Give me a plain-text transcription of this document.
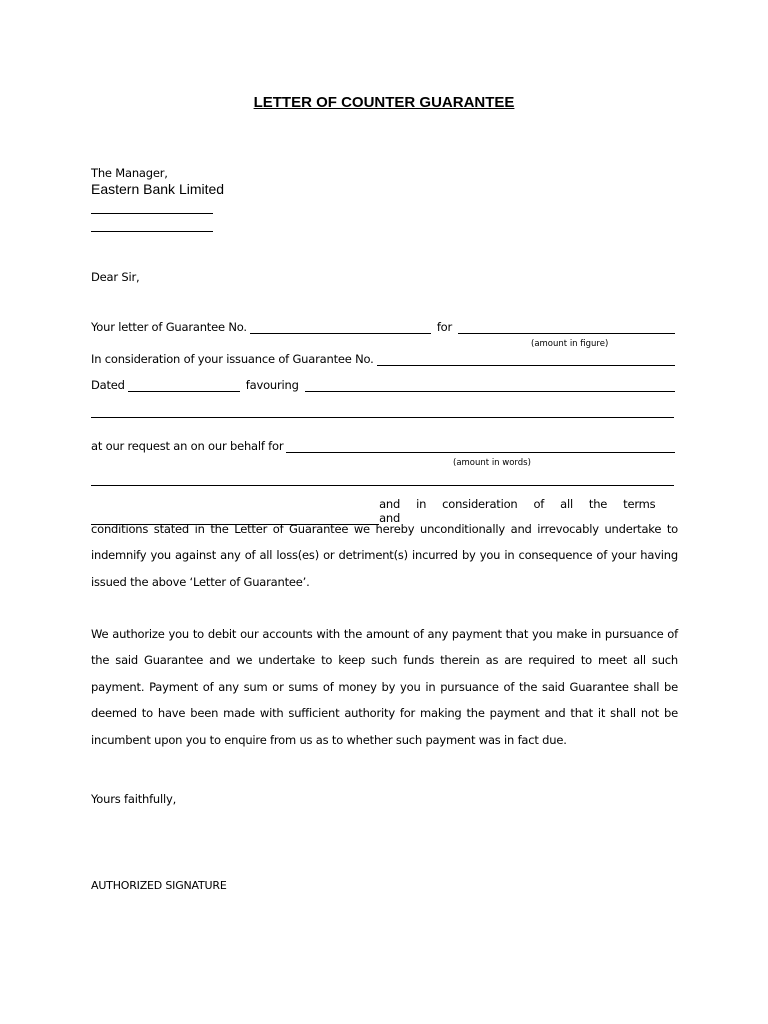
LETTER OF COUNTER GUARANTEE
The Manager,
Eastern Bank Limited
Dear Sir,
Your letter of Guarantee No.	for
(amount in figure)
In consideration of your issuance of Guarantee No.
Dated	favouring
at our request an on our behalf for
(amount in words)
and in consideration of all the terms and
conditions stated in the Letter of Guarantee we hereby unconditionally and irrevocably undertake to indemnify you against any of all loss(es) or detriment(s) incurred by you in consequence of your having issued the above ‘Letter of Guarantee’.
We authorize you to debit our accounts with the amount of any payment that you make in pursuance of the said Guarantee and we undertake to keep such funds therein as are required to meet all such payment. Payment of any sum or sums of money by you in pursuance of the said Guarantee shall be deemed to have been made with sufficient authority for making the payment and that it shall not be incumbent upon you to enquire from us as to whether such payment was in fact due.
Yours faithfully,
AUTHORIZED SIGNATURE
